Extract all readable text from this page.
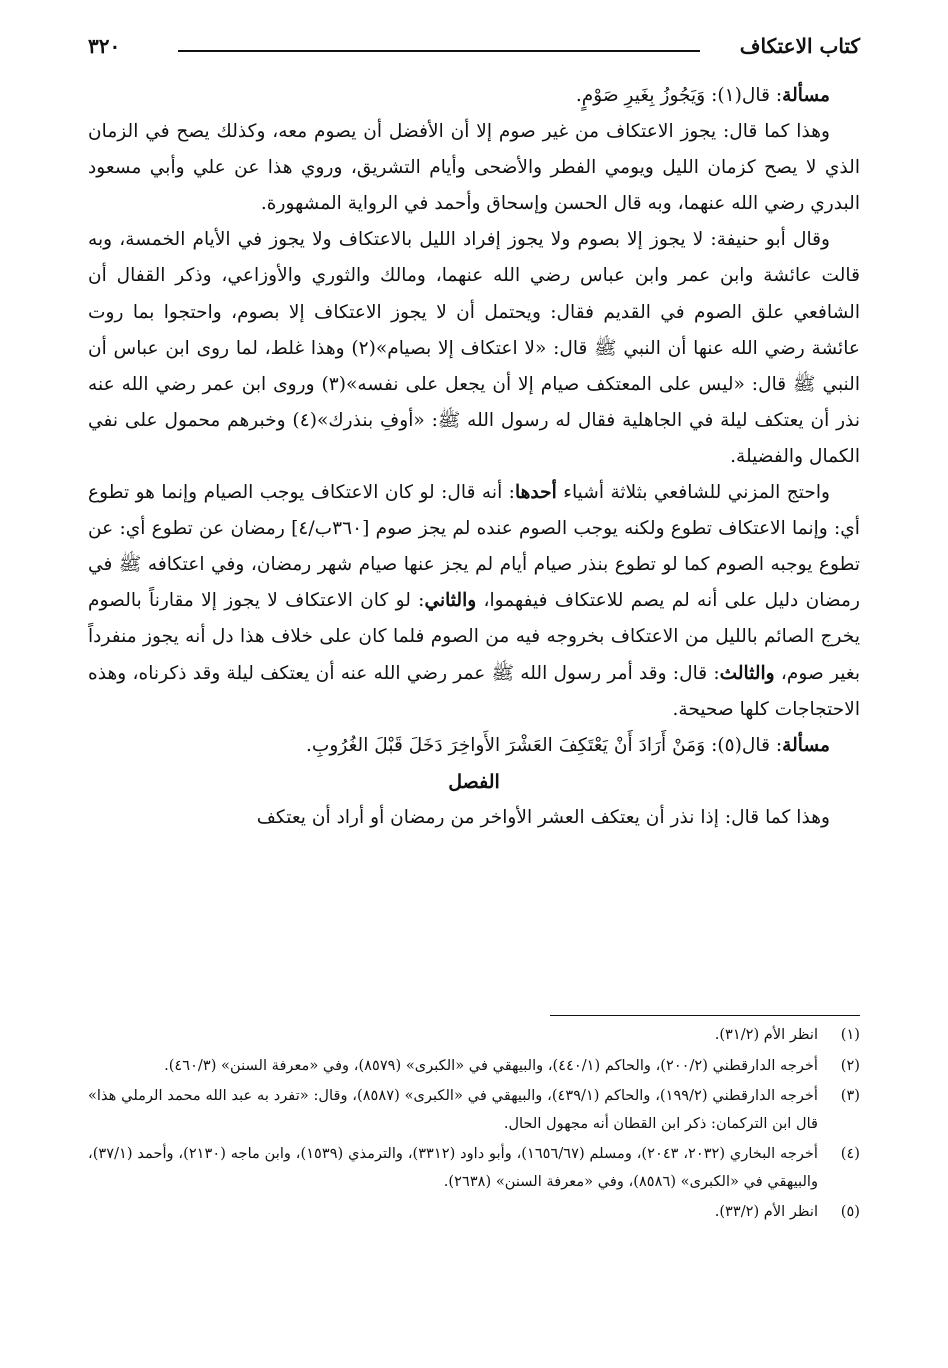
كتاب الاعتكاف
٣٢٠

مسألة: قال(١): وَيَجُوزُ بِغَيرِ صَوْمٍ.

وهذا كما قال: يجوز الاعتكاف من غير صوم إلا أن الأفضل أن يصوم معه، وكذلك يصح في الزمان الذي لا يصح كزمان الليل ويومي الفطر والأضحى وأيام التشريق، وروي هذا عن علي وأبي مسعود البدري رضي الله عنهما، وبه قال الحسن وإسحاق وأحمد في الرواية المشهورة.

وقال أبو حنيفة: لا يجوز إلا بصوم ولا يجوز إفراد الليل بالاعتكاف ولا يجوز في الأيام الخمسة، وبه قالت عائشة وابن عمر وابن عباس رضي الله عنهما، ومالك والثوري والأوزاعي، وذكر القفال أن الشافعي علق الصوم في القديم فقال: ويحتمل أن لا يجوز الاعتكاف إلا بصوم، واحتجوا بما روت عائشة رضي الله عنها أن النبي ﷺ قال: «لا اعتكاف إلا بصيام»(٢) وهذا غلط، لما روى ابن عباس أن النبي ﷺ قال: «ليس على المعتكف صيام إلا أن يجعل على نفسه»(٣) وروى ابن عمر رضي الله عنه نذر أن يعتكف ليلة في الجاهلية فقال له رسول الله ﷺ: «أوفِ بنذرك»(٤) وخبرهم محمول على نفي الكمال والفضيلة.

واحتج المزني للشافعي بثلاثة أشياء أحدها: أنه قال: لو كان الاعتكاف يوجب الصيام وإنما هو تطوع أي: وإنما الاعتكاف تطوع ولكنه يوجب الصوم عنده لم يجز صوم [٣٦٠ب/٤] رمضان عن تطوع أي: عن تطوع يوجبه الصوم كما لو تطوع بنذر صيام أيام لم يجز عنها صيام شهر رمضان، وفي اعتكافه ﷺ في رمضان دليل على أنه لم يصم للاعتكاف فيفهموا، والثاني: لو كان الاعتكاف لا يجوز إلا مقارناً بالصوم يخرج الصائم بالليل من الاعتكاف بخروجه فيه من الصوم فلما كان على خلاف هذا دل أنه يجوز منفرداً بغير صوم، والثالث: قال: وقد أمر رسول الله ﷺ عمر رضي الله عنه أن يعتكف ليلة وقد ذكرناه، وهذه الاحتجاجات كلها صحيحة.

مسألة: قال(٥): وَمَنْ أَرَادَ أَنْ يَعْتَكِفَ العَشْرَ الأَواخِرَ دَخَلَ قَبْلَ الغُرُوبِ.

الفصل

وهذا كما قال: إذا نذر أن يعتكف العشر الأواخر من رمضان أو أراد أن يعتكف

(١)
انظر الأم (٣١/٢).

(٢)
أخرجه الدارقطني (٢٠٠/٢)، والحاكم (٤٤٠/١)، والبيهقي في «الكبرى» (٨٥٧٩)، وفي «معرفة السنن» (٤٦٠/٣).

(٣)
أخرجه الدارقطني (١٩٩/٢)، والحاكم (٤٣٩/١)، والبيهقي في «الكبرى» (٨٥٨٧)، وقال: «تفرد به عبد الله محمد الرملي هذا» قال ابن التركمان: ذكر ابن القطان أنه مجهول الحال.

(٤)
أخرجه البخاري (٢٠٣٢، ٢٠٤٣)، ومسلم (١٦٥٦/٦٧)، وأبو داود (٣٣١٢)، والترمذي (١٥٣٩)، وابن ماجه (٢١٣٠)، وأحمد (٣٧/١)، والبيهقي في «الكبرى» (٨٥٨٦)، وفي «معرفة السنن» (٢٦٣٨).

(٥)
انظر الأم (٣٣/٢).
